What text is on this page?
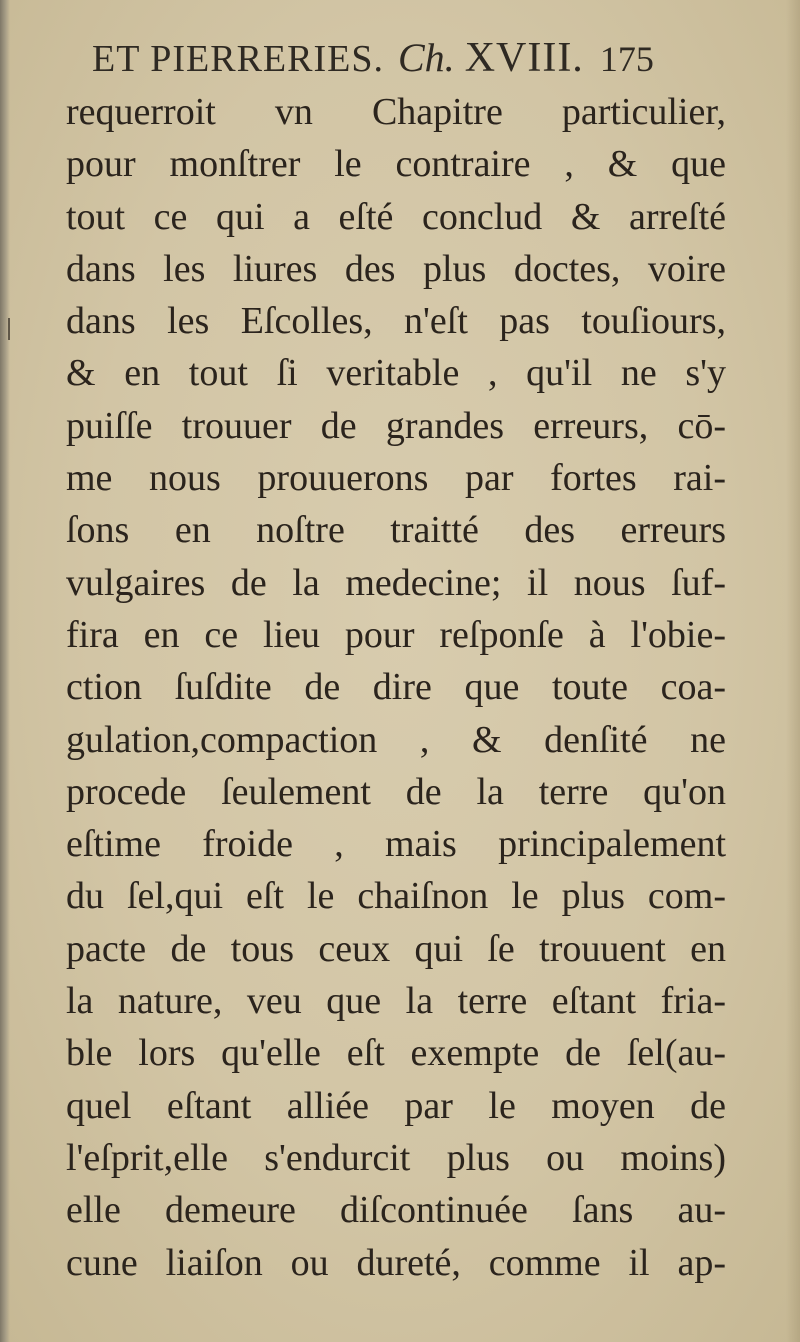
ET PIERRERIES. Ch. XVIII. 175
requerroit vn Chapitre particulier,
pour monſtrer le contraire , & que
tout ce qui a eſté conclud & arreſté
dans les liures des plus doctes, voire
dans les Eſcolles, n'eſt pas touſiours,
& en tout ſi veritable , qu'il ne s'y
puiſſe trouuer de grandes erreurs, cō-
me nous prouuerons par fortes rai-
ſons en noſtre traitté des erreurs
vulgaires de la medecine; il nous ſuf-
fira en ce lieu pour reſponſe à l'obie-
ction ſuſdite de dire que toute coa-
gulation,compaction , & denſité ne
procede ſeulement de la terre qu'on
eſtime froide , mais principalement
du ſel,qui eſt le chaiſnon le plus com-
pacte de tous ceux qui ſe trouuent en
la nature, veu que la terre eſtant fria-
ble lors qu'elle eſt exempte de ſel(au-
quel eſtant alliée par le moyen de
l'eſprit,elle s'endurcit plus ou moins)
elle demeure diſcontinuée ſans au-
cune liaiſon ou dureté, comme il ap-
